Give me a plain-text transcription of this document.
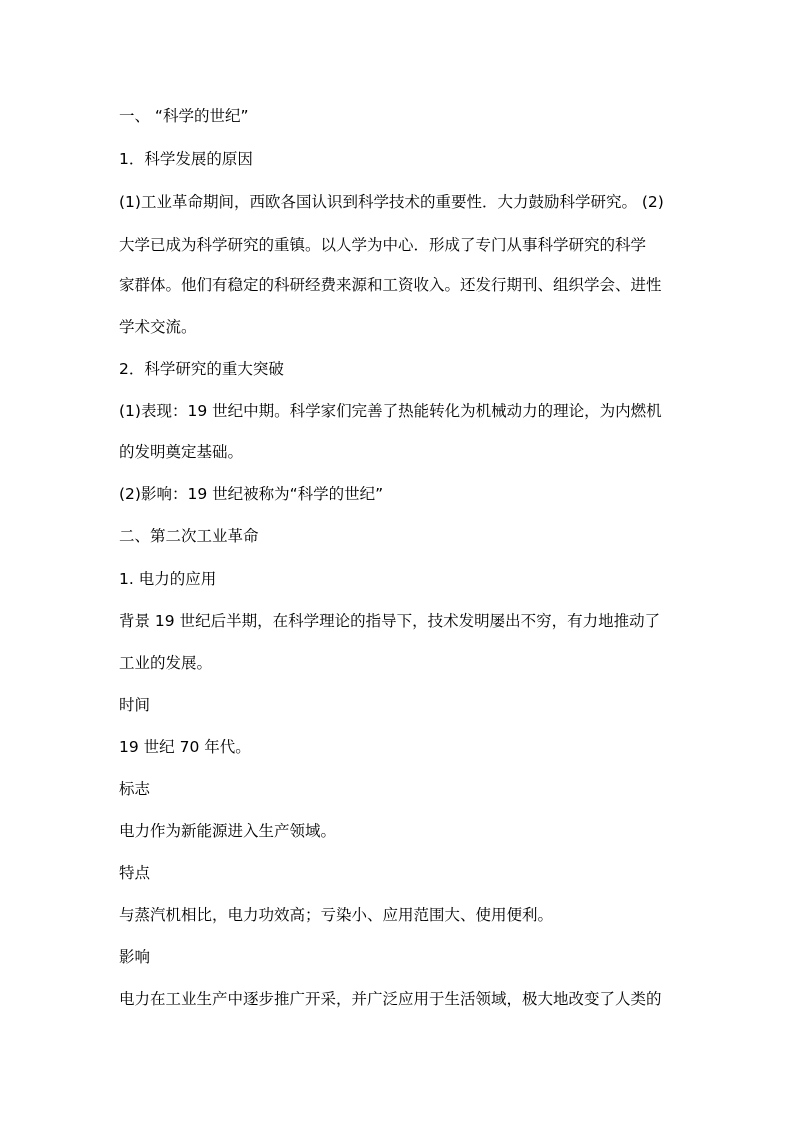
一、 “科学的世纪”
1．科学发展的原因
(1)工业革命期间，西欧各国认识到科学技术的重要性．大力鼓励科学研究。 (2)
大学已成为科学研究的重镇。以人学为中心．形成了专门从事科学研究的科学
家群体。他们有稳定的科研经费来源和工资收入。还发行期刊、组织学会、进性
学术交流。
2．科学研究的重大突破
(1)表现：19 世纪中期。科学家们完善了热能转化为机械动力的理论，为内燃机
的发明奠定基础。
(2)影响：19 世纪被称为“科学的世纪”
二、第二次工业革命
1. 电力的应用
背景 19 世纪后半期，在科学理论的指导下，技术发明屡出不穷，有力地推动了
工业的发展。
时间
19 世纪 70 年代。
标志
电力作为新能源进入生产领域。
特点
与蒸汽机相比，电力功效高；亏染小、应用范围大、使用便利。
影响
电力在工业生产中逐步推广开采，并广泛应用于生活领域，极大地改变了人类的
